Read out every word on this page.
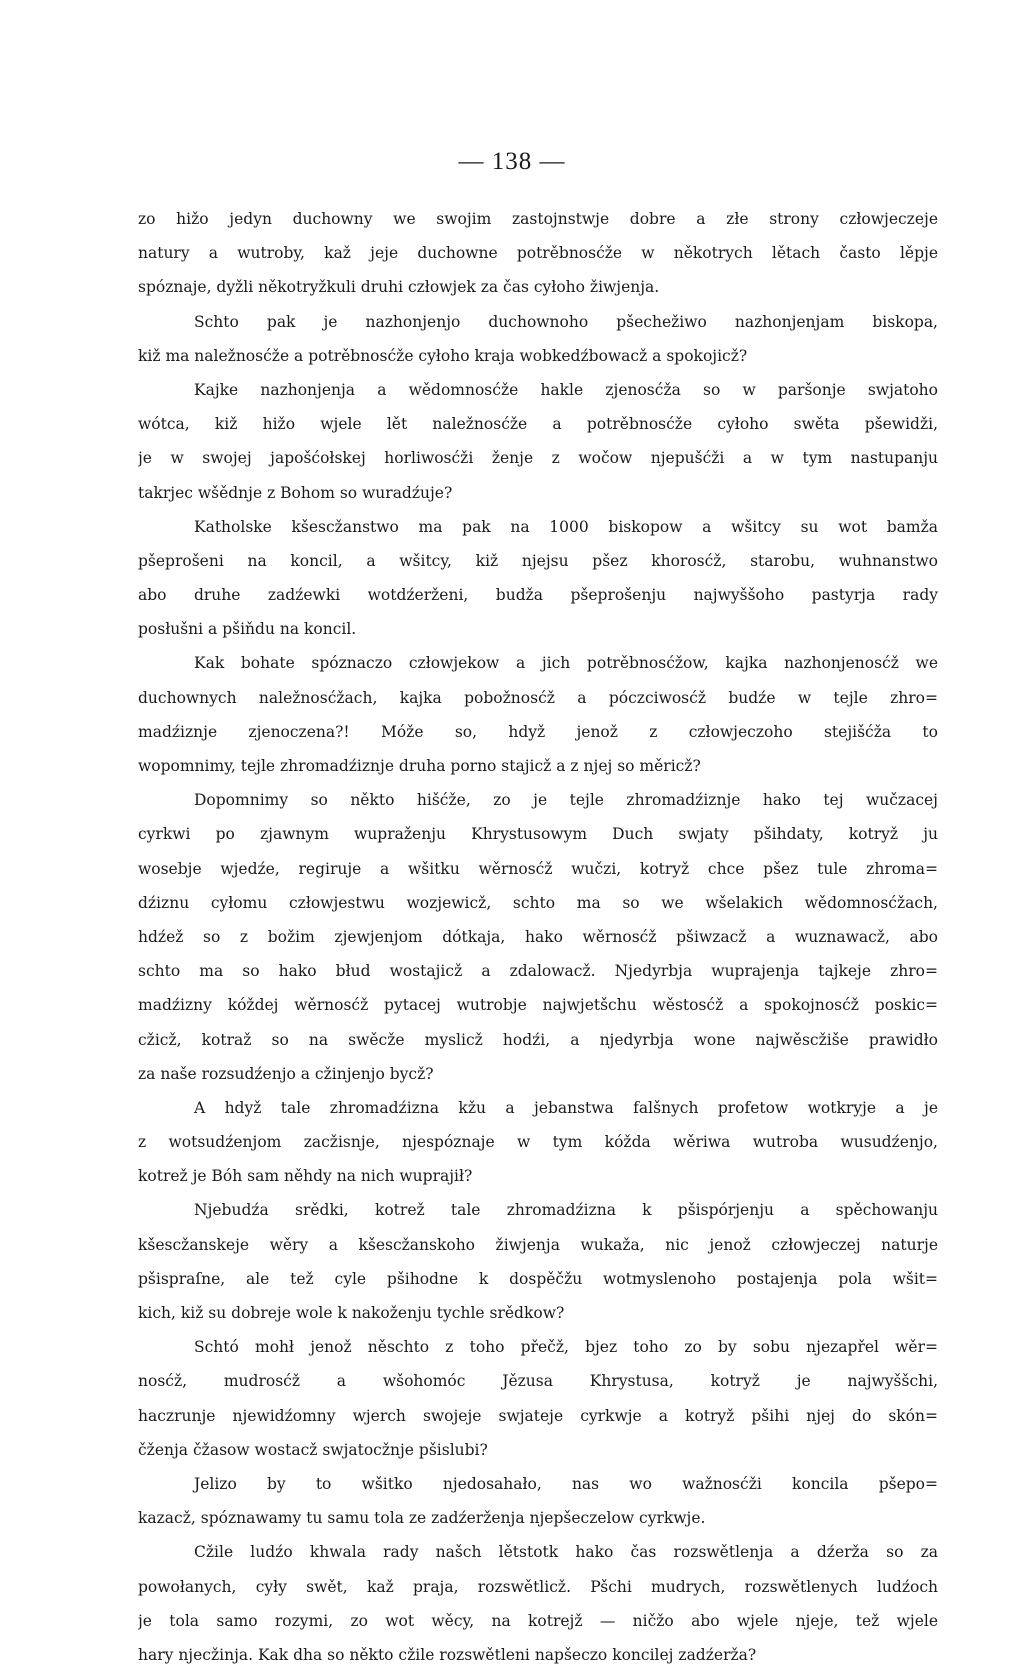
— 138 —
zo hižo jedyn duchowny we swojim zastojnstwje dobre a złe strony człowjeczeje
natury a wutroby, kaž jeje duchowne potrěbnosćže w někotrych lětach často lěpje
spóznaje, dyžli někotryžkuli druhi człowjek za čas cyłoho žiwjenja.
Schto pak je nazhonjenjo duchownoho pšechežiwo nazhonjenjam biskopa,
kiž ma naležnosćže a potrěbnosćže cyłoho kraja wobkedźbowacž a spokojicž?
Kajke nazhonjenja a wědomnosćže hakle zjenosćža so w paršonje swjatoho
wótca, kiž hižo wjele lět naležnosćže a potrěbnosćže cyłoho swěta pšewidži,
je w swojej japošćołskej horliwosćži ženje z wočow njepušćži a w tym nastupanju
takrjec wšědnje z Bohom so wuradźuje?
Katholske kšescžanstwo ma pak na 1000 biskopow a wšitcy su wot bamža
pšeprošeni na koncil, a wšitcy, kiž njejsu pšez khorosćž, starobu, wuhnanstwo
abo druhe zadźewki wotdźerženi, budža pšeprošenju najwyššoho pastyrja rady
posłušni a pšiňdu na koncil.
Kak bohate spóznaczo człowjekow a jich potrěbnosćžow, kajka nazhonjenosćž we
duchownych naležnosćžach, kajka pobožnosćž a póczciwosćž budźe w tejle zhro=
madźiznje zjenoczena?! Móže so, hdyž jenož z człowjeczoho stejišćža to
wopomnimy, tejle zhromadźiznje druha porno stajicž a z njej so měricž?
Dopomnimy so někto hišćže, zo je tejle zhromadźiznje hako tej wučzacej
cyrkwi po zjawnym wupraženju Khrystusowym Duch swjaty pšihdaty, kotryž ju
wosebje wjedźe, regiruje a wšitku wěrnosćž wučzi, kotryž chce pšez tule zhroma=
dźiznu cyłomu człowjestwu wozjewicž, schto ma so we wšelakich wědomnosćžach,
hdźež so z božim zjewjenjom dótkaja, hako wěrnosćž pšiwzacž a wuznawacž, abo
schto ma so hako błud wostajicž a zdalowacž. Njedyrbja wuprajenja tajkeje zhro=
madźizny kóždej wěrnosćž pytacej wutrobje najwjetšchu wěstosćž a spokojnosćž poskic=
cžicž, kotraž so na swěcže myslicž hodźi, a njedyrbja wone najwěscžiše prawidło
za naše rozsudźenjo a cžinjenjo bycž?
A hdyž tale zhromadźizna kžu a jebanstwa falšnych profetow wotkryje a je
z wotsudźenjom zacžisnje, njespóznaje w tym kóžda wěriwa wutroba wusudźenjo,
kotrež je Bóh sam něhdy na nich wuprajił?
Njebudźa srědki, kotrež tale zhromadźizna k pšispórjenju a spěchowanju
kšescžanskeje wěry a kšescžanskoho žiwjenja wukaža, nic jenož człowjeczej naturje
pšispraſne, ale tež cyle pšihodne k dospěčžu wotmyslenoho postajenja pola wšit=
kich, kiž su dobreje wole k nakoženju tychle srědkow?
Schtó mohł jenož něschto z toho přečž, bjez toho zo by sobu njezapřel wěr=
nosćž, mudrosćž a wšohomóc Jězusa Khrystusa, kotryž je najwyššchi,
haczrunje njewidźomny wjerch swojeje swjateje cyrkwje a kotryž pšihi njej do skón=
čženja čžasow wostacž swjatocžnje pšislubi?
Jelizo by to wšitko njedosahało, nas wo wažnosćži koncila pšepo=
kazacž, spóznawamy tu samu tola ze zadźerženja njepšeczelow cyrkwje.
Cžile ludźo khwala rady našch lětstotk hako čas rozswětlenja a dźerža so za
powołanych, cyły swět, kaž praja, rozswětlicž. Pšchi mudrych, rozswětlenych ludźoch
je tola samo rozymi, zo wot wěcy, na kotrejž — ničžo abo wjele njeje, tež wjele
hary njecžinja. Kak dha so někto cžile rozswětleni napšeczo koncilej zadźerža?
